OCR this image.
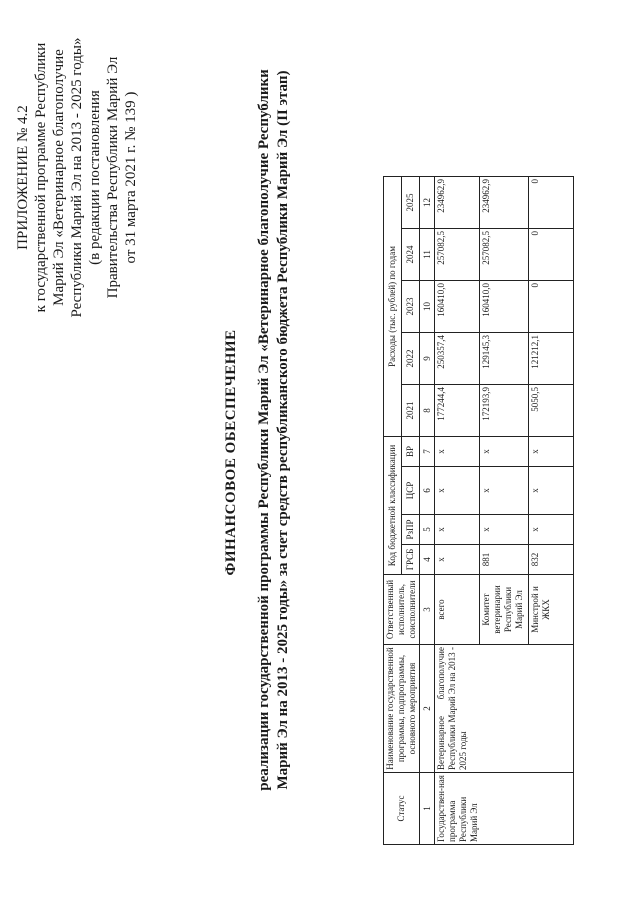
ПРИЛОЖЕНИЕ № 4.2 к государственной программе Республики Марий Эл «Ветеринарное благополучие Республики Марий Эл на 2013 - 2025 годы» (в редакции постановления Правительства Республики Марий Эл от 31 марта 2021 г. № 139 )
ФИНАНСОВОЕ ОБЕСПЕЧЕНИЕ реализации государственной программы Республики Марий Эл «Ветеринарное благополучие Республики Марий Эл на 2013 - 2025 годы» за счет средств республиканского бюджета Республики Марий Эл (II этап)
Статус	Наименование государственной программы, подпрограммы, основного мероприятия	Ответственный исполнитель, соисполнители	Код бюджетной классификации				Расходы (тыс. рублей) по годам				
			ГРСБ	РзПР	ЦСР	ВР	2021	2022	2023	2024	2025
1	2	3	4	5	6	7	8	9	10	11	12
Государствен-ная программа Республики Марий Эл	Ветеринарное благополучие Республики Марий Эл на 2013 - 2025 годы	всего	х	х	х	х	177244,4	250357,4	160410,0	257082,5	234962,9
		Комитет ветеринарии Республики Марий Эл	881	х	х	х	172193,9	129145,3	160410,0	257082,5	234962,9
		Минстрой и ЖКХ	832	х	х	х	5050,5	121212,1	0	0	0
